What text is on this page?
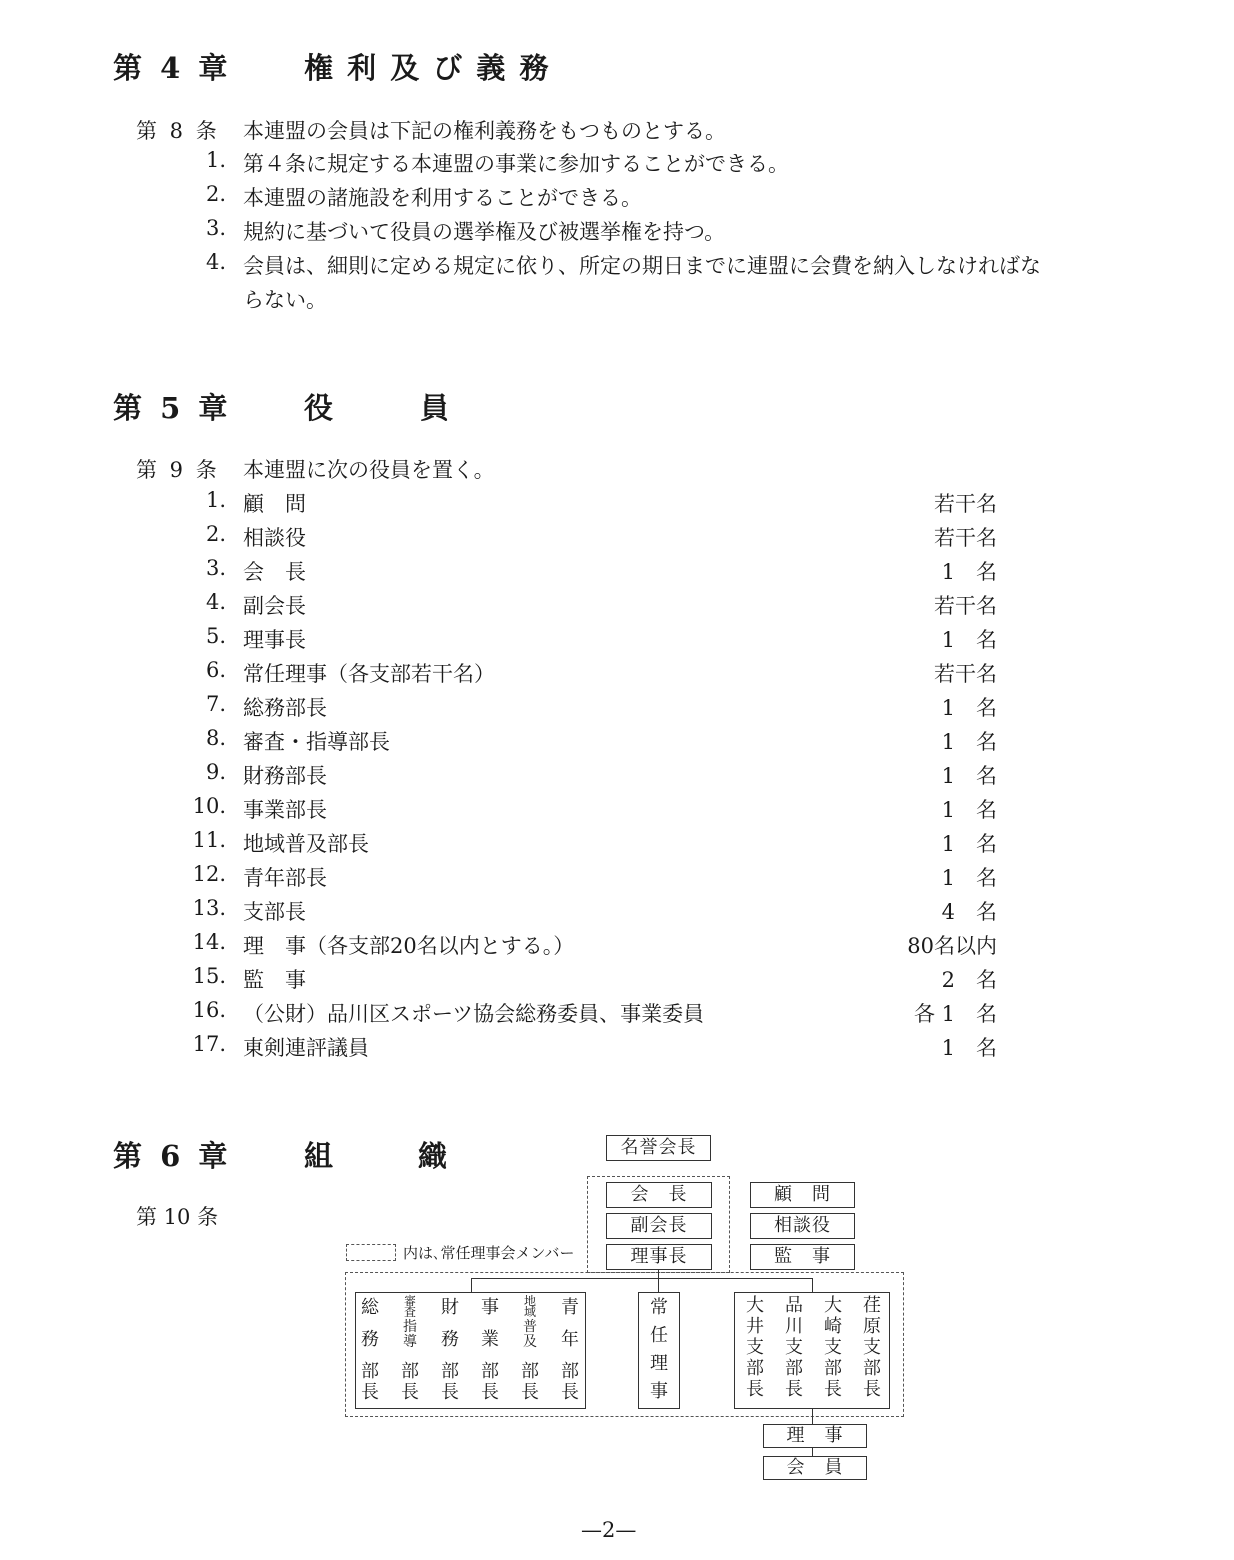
第 4 章	権 利 及 び 義 務
第 8 条 本連盟の会員は下記の権利義務をもつものとする。
1. 第４条に規定する本連盟の事業に参加することができる。
2. 本連盟の諸施設を利用することができる。
3. 規約に基づいて役員の選挙権及び被選挙権を持つ。
4. 会員は、細則に定める規定に依り、所定の期日までに連盟に会費を納入しなければな
らない。
第 5 章	役　　　員
第 9 条 本連盟に次の役員を置く。
1. 顧　問	若干名
2. 相談役	若干名
3. 会　長	1　名
4. 副会長	若干名
5. 理事長	1　名
6. 常任理事（各支部若干名）	若干名
7. 総務部長	1　名
8. 審査・指導部長	1　名
9. 財務部長	1　名
10. 事業部長	1　名
11. 地域普及部長	1　名
12. 青年部長	1　名
13. 支部長	4　名
14. 理　事（各支部20名以内とする。）	80名以内
15. 監　事	2　名
16. （公財）品川区スポーツ協会総務委員、事業委員	各 1　名
17. 東剣連評議員	1　名
第 6 章	組	織
第 10 条
内は､常任理事会メンバー
名誉会長
会　長
副会長
理事長
顧　問
相談役
監　事
総
務
部
長
審
査
指
導
部
長
財
務
部
長
事
業
部
長
地
域
普
及
部
長
青
年
部
長
常
任
理
事
大
井
支
部
長
品
川
支
部
長
大
崎
支
部
長
荏
原
支
部
長
理　事
会　員
—2—
